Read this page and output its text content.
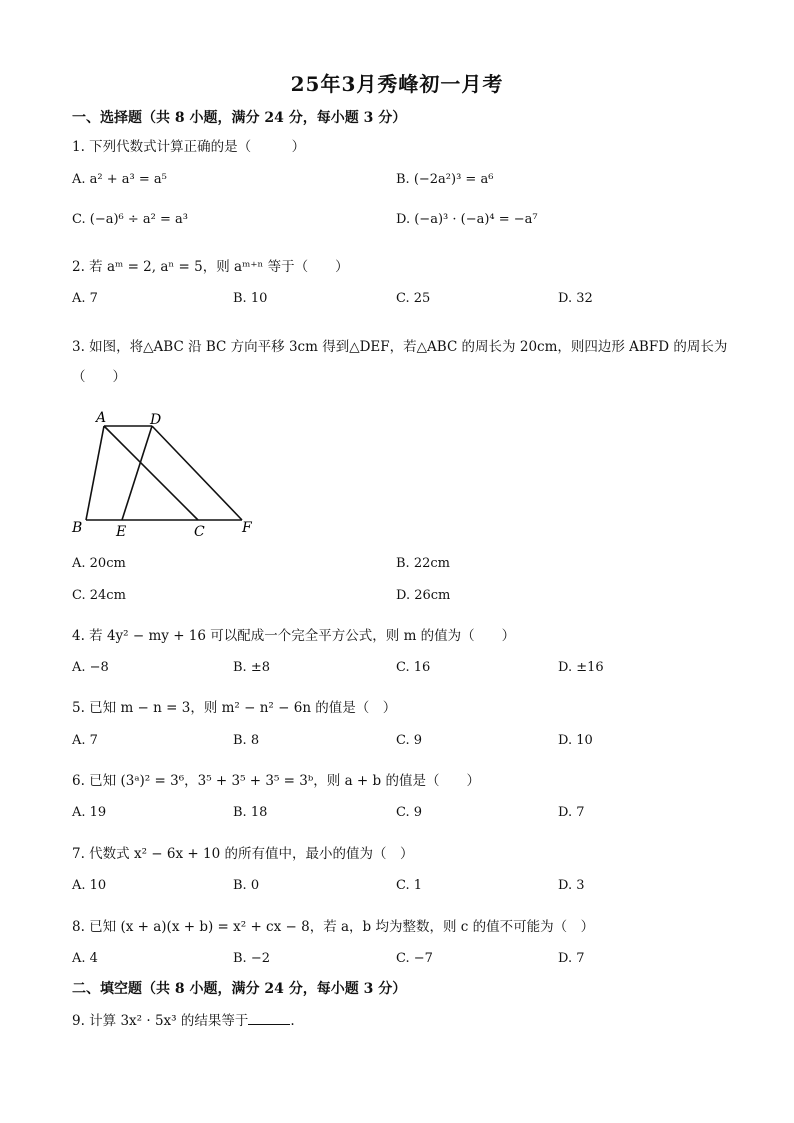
25年3月秀峰初一月考
一、选择题（共 8 小题，满分 24 分，每小题 3 分）
1. 下列代数式计算正确的是（　　　）
A. a² + a³ = a⁵	B. (−2a²)³ = a⁶
C. (−a)⁶ ÷ a² = a³	D. (−a)³ · (−a)⁴ = −a⁷
2. 若 aᵐ = 2, aⁿ = 5，则 aᵐ⁺ⁿ 等于（　　）
A. 7	B. 10	C. 25	D. 32
3. 如图，将△ABC 沿 BC 方向平移 3cm 得到△DEF，若△ABC 的周长为 20cm，则四边形 ABFD 的周长为
（　　）
A	D
B E	C	F
A. 20cm	B. 22cm
C. 24cm	D. 26cm
4. 若 4y² − my + 16 可以配成一个完全平方公式，则 m 的值为（　　）
A. −8	B. ±8	C. 16	D. ±16
5. 已知 m − n = 3，则 m² − n² − 6n 的值是（　）
A. 7	B. 8	C. 9	D. 10
6. 已知 (3ᵃ)² = 3⁶，3⁵ + 3⁵ + 3⁵ = 3ᵇ，则 a + b 的值是（　　）
A. 19	B. 18	C. 9	D. 7
7. 代数式 x² − 6x + 10 的所有值中，最小的值为（　）
A. 10	B. 0	C. 1	D. 3
8. 已知 (x + a)(x + b) = x² + cx − 8，若 a，b 均为整数，则 c 的值不可能为（　）
A. 4	B. −2	C. −7	D. 7
二、填空题（共 8 小题，满分 24 分，每小题 3 分）
9. 计算 3x² · 5x³ 的结果等于	.
